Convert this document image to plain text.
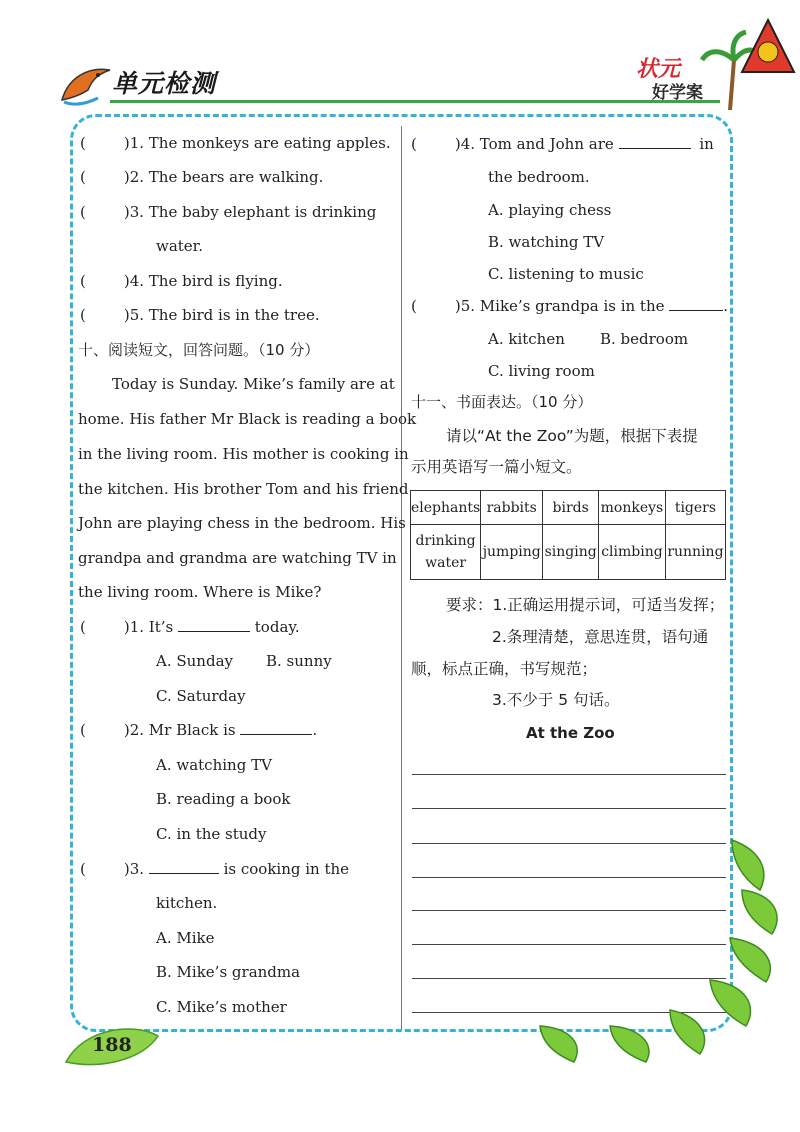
单元检测	状元
好学案
(	)1. The monkeys are eating apples.
(	)2. The bears are walking.
(	)3. The baby elephant is drinking
water.
(	)4. The bird is flying.
(	)5. The bird is in the tree.
十、阅读短文，回答问题。（10 分）
Today is Sunday. Mike’s family are at
home. His father Mr Black is reading a book
in the living room. His mother is cooking in
the kitchen. His brother Tom and his friend
John are playing chess in the bedroom. His
grandpa and grandma are watching TV in
the living room. Where is Mike?
(	)1. It’s	today.
A. Sunday B. sunny
C. Saturday
(	)2. Mr Black is	.
A. watching TV
B. reading a book
C. in the study
(	)3.	is cooking in the
kitchen.
A. Mike
B. Mike’s grandma
C. Mike’s mother
(	)4. Tom and John are	in
the bedroom.
A. playing chess
B. watching TV
C. listening to music
(	)5. Mike’s grandpa is in the	.
A. kitchen B. bedroom
C. living room
十一、书面表达。（10 分）
请以“At the Zoo”为题，根据下表提
示用英语写一篇小短文。
elephants	rabbits	birds	monkeys	tigers
drinking water	jumping	singing	climbing	running
要求：1.正确运用提示词，可适当发挥；
2.条理清楚，意思连贯，语句通
顺，标点正确，书写规范；
3.不少于 5 句话。
At the Zoo
188
